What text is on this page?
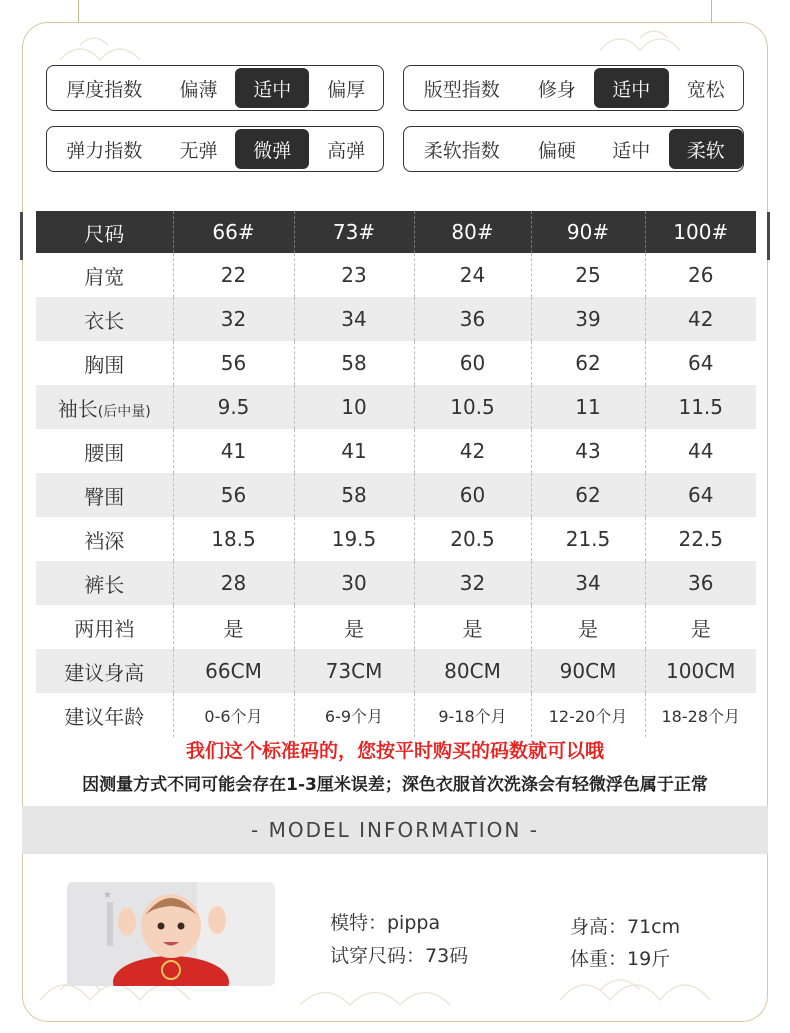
厚度指数	偏薄	适中	偏厚	版型指数	修身	适中	宽松
弹力指数	无弹	微弹	高弹	柔软指数	偏硬	适中	柔软
尺码	66#	73#	80#	90#	100#
肩宽	22	23	24	25	26
衣长	32	34	36	39	42
胸围	56	58	60	62	64
袖长(后中量)	9.5	10	10.5	11	11.5
腰围	41	41	42	43	44
臀围	56	58	60	62	64
裆深	18.5	19.5	20.5	21.5	22.5
裤长	28	30	32	34	36
两用裆	是	是	是	是	是
建议身高	66CM	73CM	80CM	90CM	100CM
建议年龄	0-6个月	6-9个月	9-18个月	12-20个月	18-28个月
我们这个标准码的，您按平时购买的码数就可以哦
因测量方式不同可能会存在1-3厘米误差；深色衣服首次洗涤会有轻微浮色属于正常
- MODEL INFORMATION -
★
模特：pippa
试穿尺码：73码
身高：71cm
体重：19斤
